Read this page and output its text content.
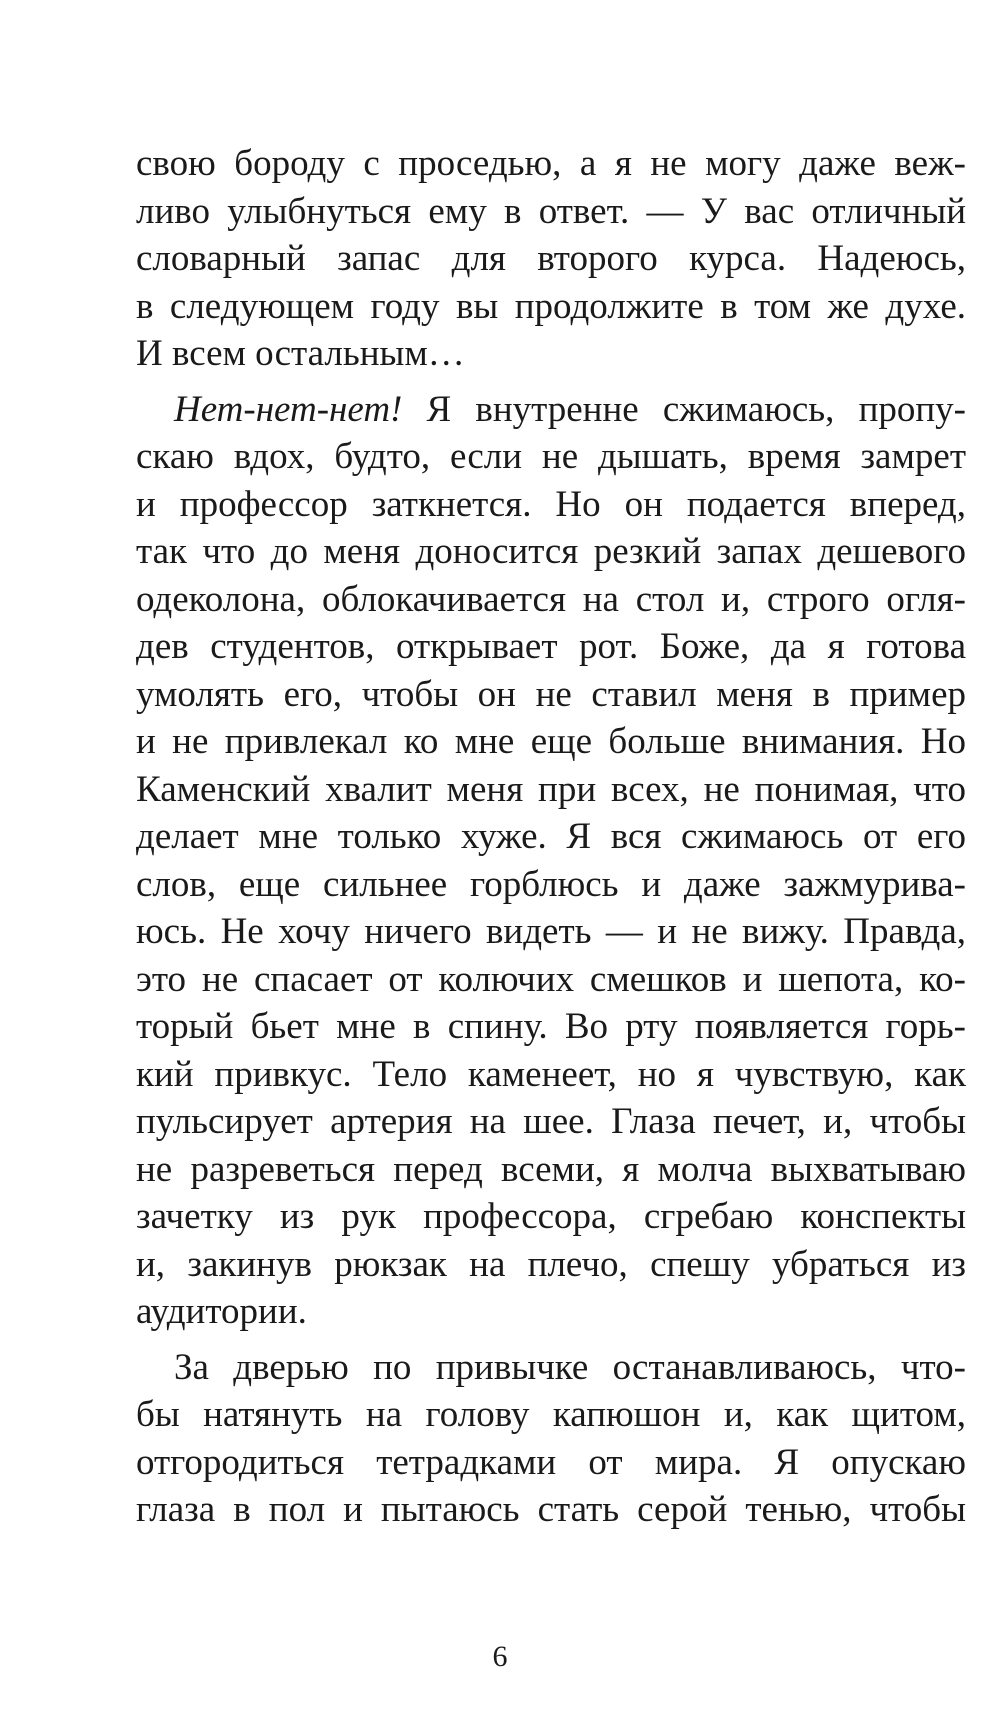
свою бороду с проседью, а я не могу даже веж-
ливо улыбнуться ему в ответ. — У вас отличный
словарный запас для второго курса. Надеюсь,
в следующем году вы продолжите в том же духе.
И всем остальным…
Нет-нет-нет! Я внутренне сжимаюсь, пропу-
скаю вдох, будто, если не дышать, время замрет
и профессор заткнется. Но он подается вперед,
так что до меня доносится резкий запах дешевого
одеколона, облокачивается на стол и, строго огля-
дев студентов, открывает рот. Боже, да я готова
умолять его, чтобы он не ставил меня в пример
и не привлекал ко мне еще больше внимания. Но
Каменский хвалит меня при всех, не понимая, что
делает мне только хуже. Я вся сжимаюсь от его
слов, еще сильнее горблюсь и даже зажмурива-
юсь. Не хочу ничего видеть — и не вижу. Правда,
это не спасает от колючих смешков и шепота, ко-
торый бьет мне в спину. Во рту появляется горь-
кий привкус. Тело каменеет, но я чувствую, как
пульсирует артерия на шее. Глаза печет, и, чтобы
не разреветься перед всеми, я молча выхватываю
зачетку из рук профессора, сгребаю конспекты
и, закинув рюкзак на плечо, спешу убраться из
аудитории.
За дверью по привычке останавливаюсь, что-
бы натянуть на голову капюшон и, как щитом,
отгородиться тетрадками от мира. Я опускаю
глаза в пол и пытаюсь стать серой тенью, чтобы
6
